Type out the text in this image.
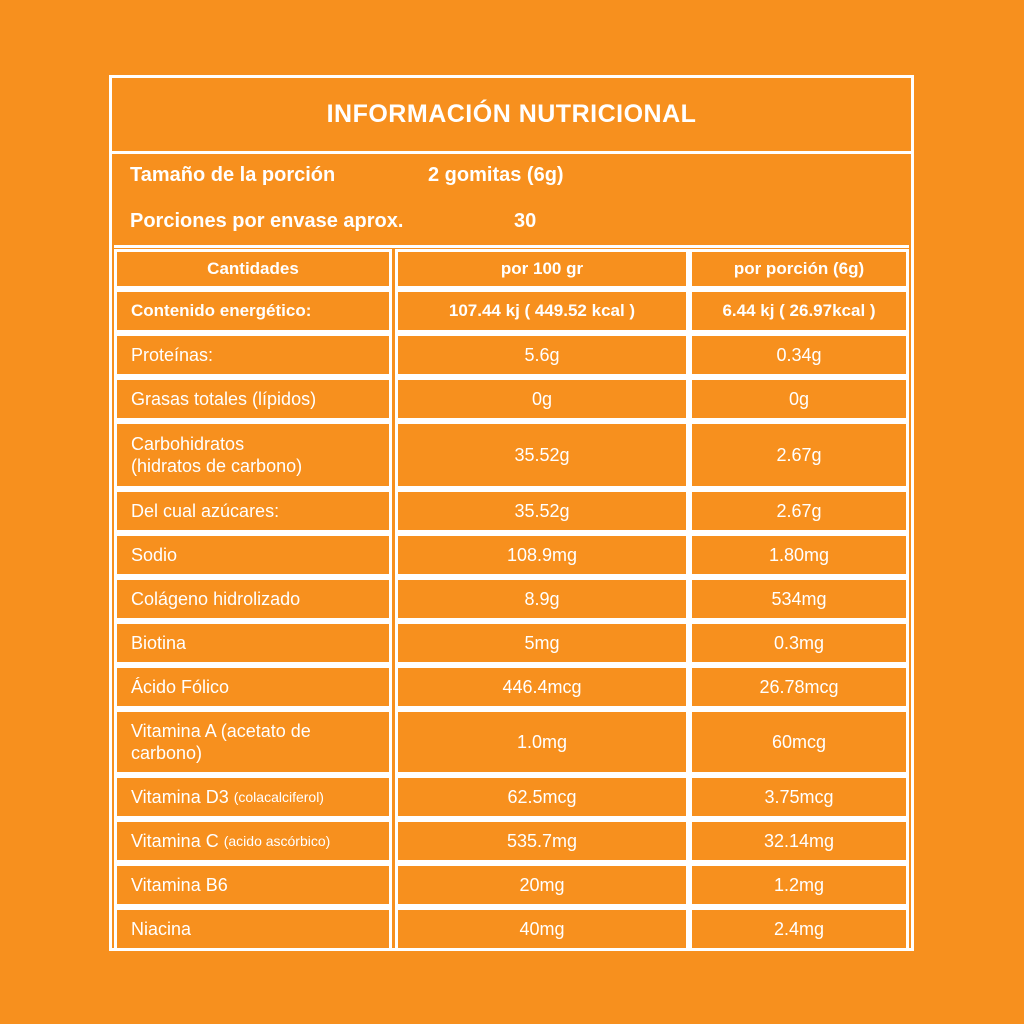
INFORMACIÓN NUTRICIONAL
Tamaño de la porción	2 gomitas (6g)
Porciones por envase aprox.	30
Cantidades	por 100 gr	por porción (6g)
Contenido energético:	107.44 kj ( 449.52 kcal )	6.44 kj ( 26.97kcal )
Proteínas:	5.6g	0.34g
Grasas totales (lípidos)	0g	0g
Carbohidratos
(hidratos de carbono)
35.52g	2.67g
Del cual azúcares:	35.52g	2.67g
Sodio	108.9mg	1.80mg
Colágeno hidrolizado	8.9g	534mg
Biotina	5mg	0.3mg
Ácido Fólico	446.4mcg	26.78mcg
Vitamina A (acetato de
carbono)
1.0mg	60mcg
Vitamina D3 (colacalciferol)	62.5mcg	3.75mcg
Vitamina C (acido ascórbico)	535.7mg	32.14mg
Vitamina B6	20mg	1.2mg
Niacina	40mg	2.4mg
